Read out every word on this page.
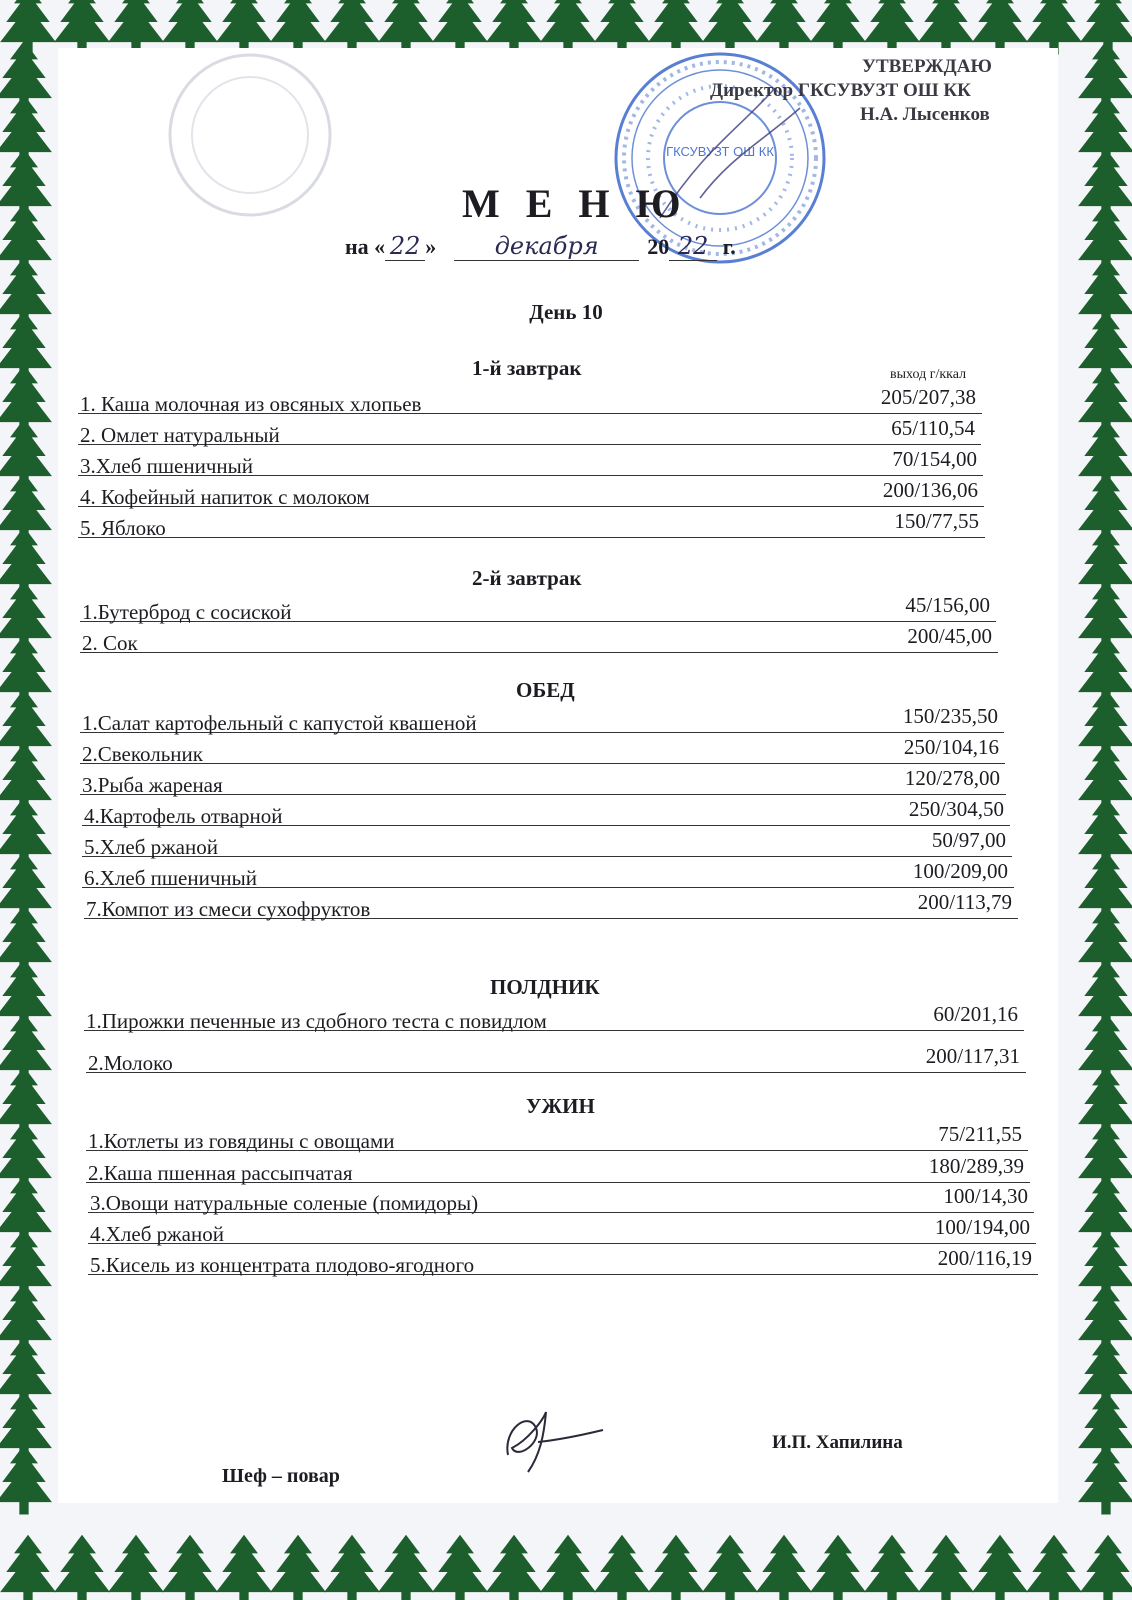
ГКСУВУЗТ ОШ КК
УТВЕРЖДАЮ
Директор ГКСУВУЗТ ОШ КК
Н.А. Лысенков
М Е Н Ю
на « 22 » декабря 20 22 г.
День 10
выход г/ккал
1-й завтрак
1. Каша молочная из овсяных хлопьев	205/207,38
2. Омлет натуральный	65/110,54
3.Хлеб пшеничный	70/154,00
4. Кофейный напиток с молоком	200/136,06
5. Яблоко	150/77,55
2-й завтрак
1.Бутерброд с сосиской	45/156,00
2. Сок	200/45,00
ОБЕД
1.Салат картофельный с капустой квашеной	150/235,50
2.Свекольник	250/104,16
3.Рыба жареная	120/278,00
4.Картофель отварной	250/304,50
5.Хлеб ржаной	50/97,00
6.Хлеб пшеничный	100/209,00
7.Компот из смеси сухофруктов	200/113,79
ПОЛДНИК
1.Пирожки печенные из сдобного теста с повидлом	60/201,16
2.Молоко	200/117,31
УЖИН
1.Котлеты из говядины с овощами	75/211,55
2.Каша пшенная рассыпчатая	180/289,39
3.Овощи натуральные соленые (помидоры)	100/14,30
4.Хлеб ржаной	100/194,00
5.Кисель из концентрата плодово-ягодного	200/116,19
И.П. Хапилина
Шеф – повар
